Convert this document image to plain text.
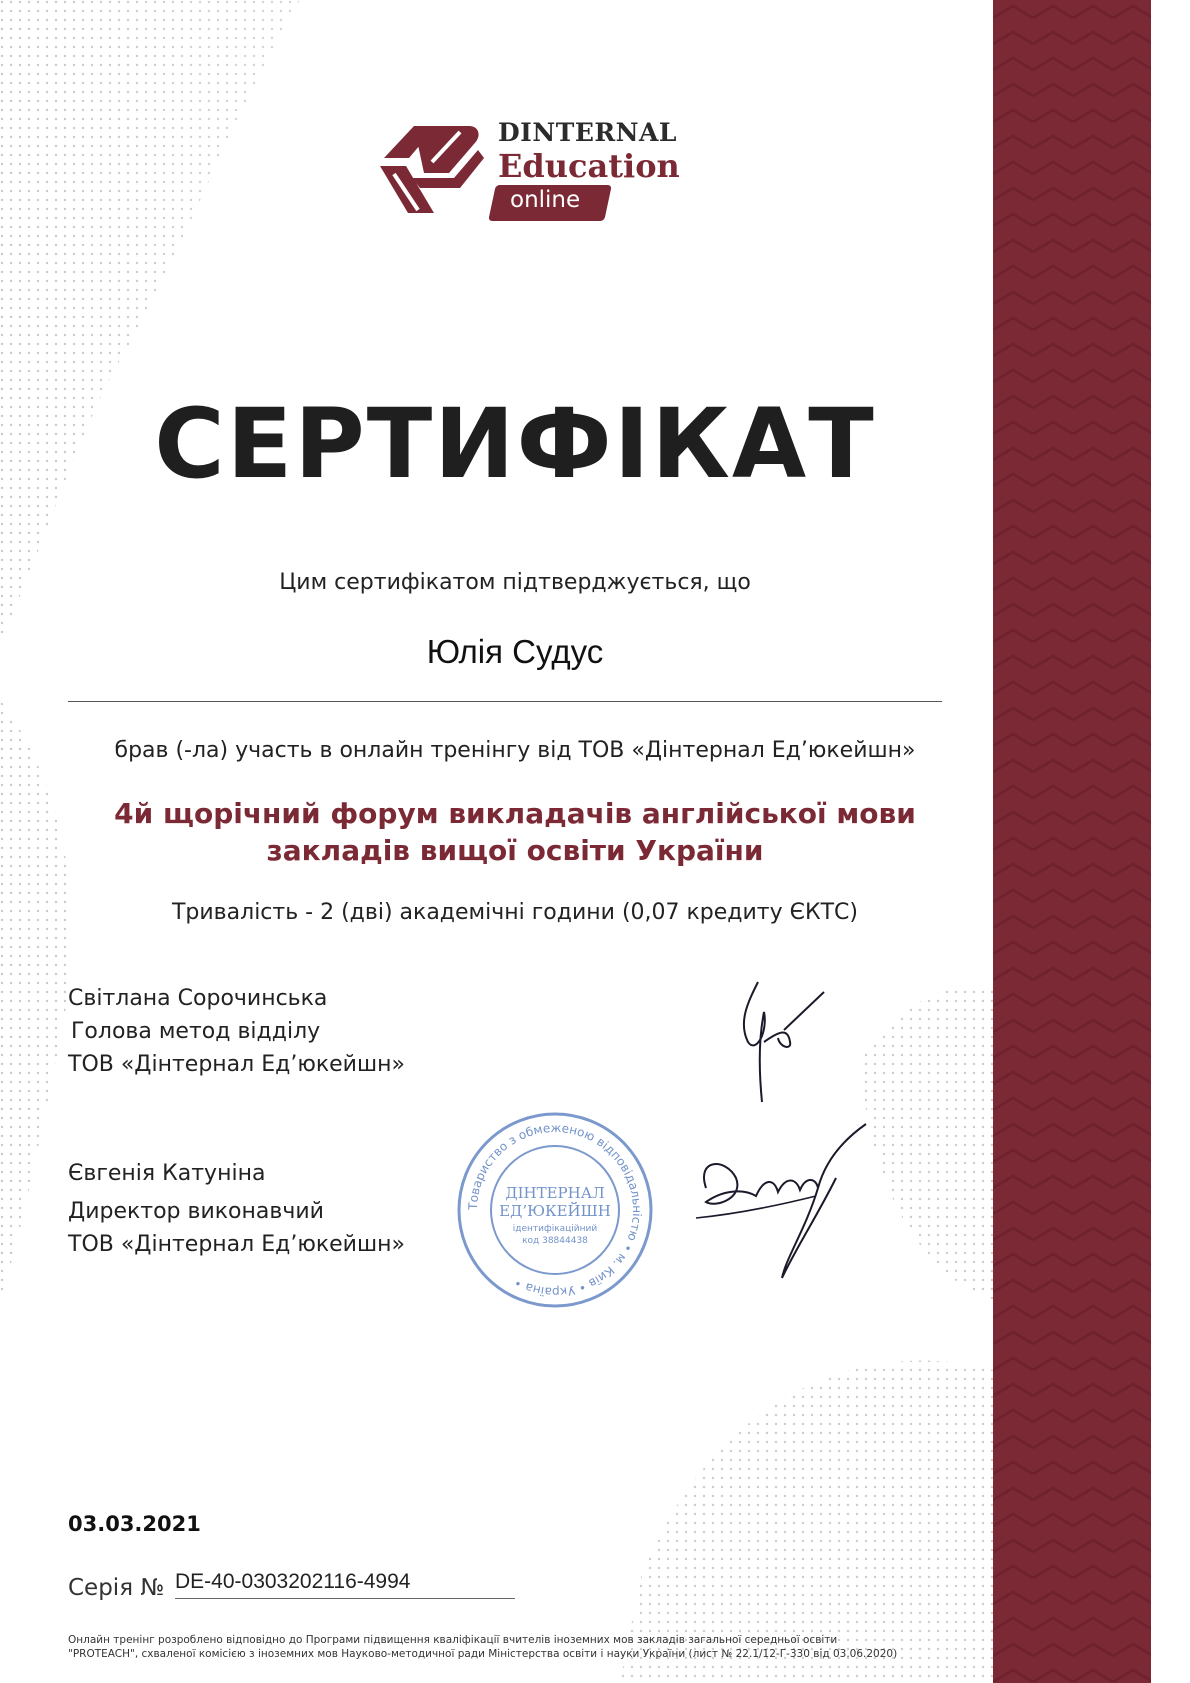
DINTERNAL
Education
online
СЕРТИФІКАТ
Цим сертифікатом підтверджується, що
Юлія Судус
брав (-ла) участь в онлайн тренінгу від ТОВ «Дінтернал Ед’юкейшн»
4й щорічний форум викладачів англійської мови
закладів вищої освіти України
Тривалість - 2 (дві) академічні години (0,07 кредиту ЄКТС)
Світлана Сорочинська
Голова метод відділу
ТОВ «Дінтернал Ед’юкейшн»
Євгенія Катуніна
Директор виконавчий
ТОВ «Дінтернал Ед’юкейшн»
Товариство з обмеженою відповідальністю • м. Київ • Україна •
ДІНТЕРНАЛ
ЕД’ЮКЕЙШН
ідентифікаційний
код 38844438
03.03.2021
Серія № DE-40-0303202116-4994
Онлайн тренінг розроблено відповідно до Програми підвищення кваліфікації вчителів іноземних мов закладів загальної середньої освіти
"PROTEACH", схваленої комісією з іноземних мов Науково-методичної ради Міністерства освіти і науки України (лист № 22.1/12-Г-330 від 03.06.2020)
